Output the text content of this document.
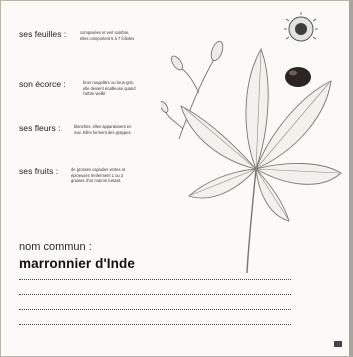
ses feuilles :	composées et vert sombre, elles comportent 5 à 7 folioles
son écorce :	brun rougeâtre ou brun-gris, elle devient écailleuse quand l'arbre vieillit
ses fleurs :	blanches, elles apparaissent en mai. Elles forment des grappes.
ses fruits :	de grosses capsules vertes et épineuses renferment 1 ou 2 graines d'un marron luisant.
nom commun :
marronnier d'Inde
